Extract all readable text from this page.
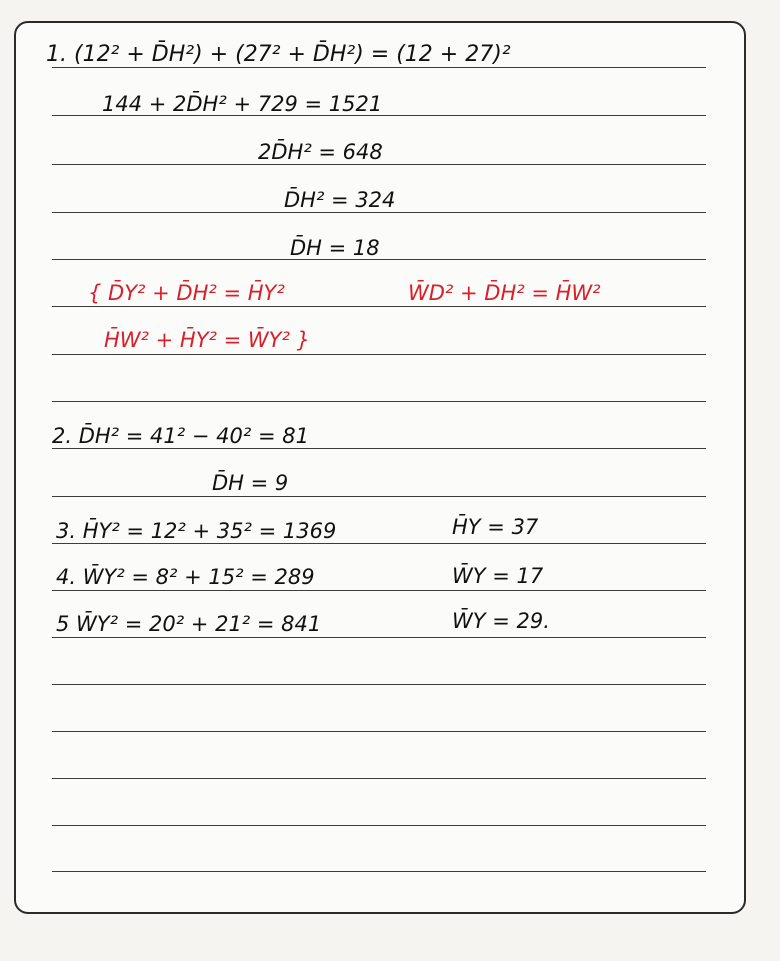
1. (12² + D̄H²) + (27² + D̄H²) = (12 + 27)²
144 + 2D̄H² + 729 = 1521
2D̄H² = 648
D̄H² = 324
D̄H = 18
{ D̄Y² + D̄H² = H̄Y²	W̄D² + D̄H² = H̄W²
H̄W² + H̄Y² = W̄Y² }
2. D̄H² = 41² − 40² = 81
D̄H = 9
3. H̄Y² = 12² + 35² = 1369	H̄Y = 37
4. W̄Y² = 8² + 15² = 289	W̄Y = 17
5 W̄Y² = 20² + 21² = 841	W̄Y = 29.
